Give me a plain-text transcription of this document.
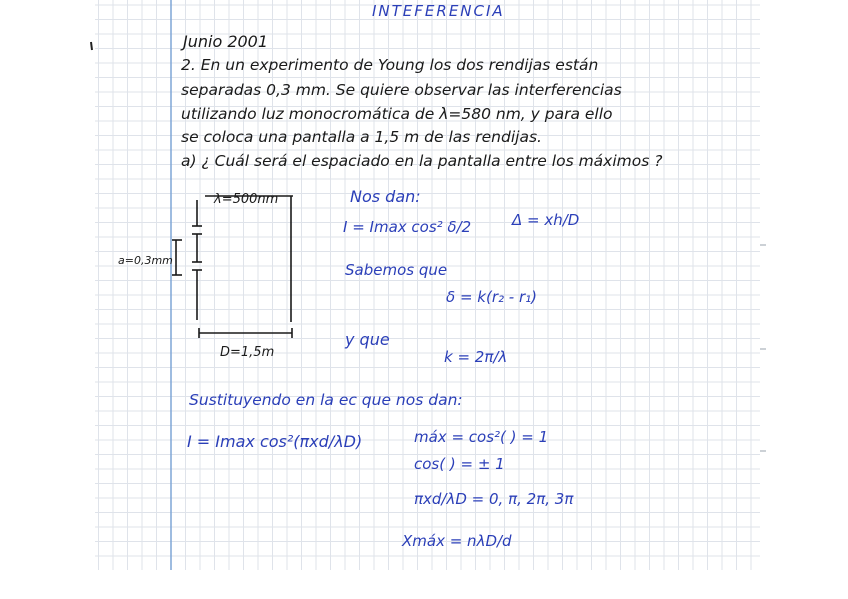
INTEFERENCIA
Junio 2001
2. En un experimento de Young los dos rendijas están
separadas 0,3 mm. Se quiere observar las interferencias
utilizando luz monocromática de λ=580 nm, y para ello
se coloca una pantalla a 1,5 m de las rendijas.
a) ¿ Cuál será el espaciado en la pantalla entre los máximos ?
λ=500nm
a=0,3mm
D=1,5m
Nos dan:
I = Imax cos² δ/2	Δ = xh/D
Sabemos que
δ = k(r₂ - r₁)
y que
k = 2π/λ
Sustituyendo en la ec que nos dan:
I = Imax cos²(πxd/λD)	máx = cos²( ) = 1
cos( ) = ± 1
πxd/λD = 0, π, 2π, 3π
Xmáx = nλD/d
